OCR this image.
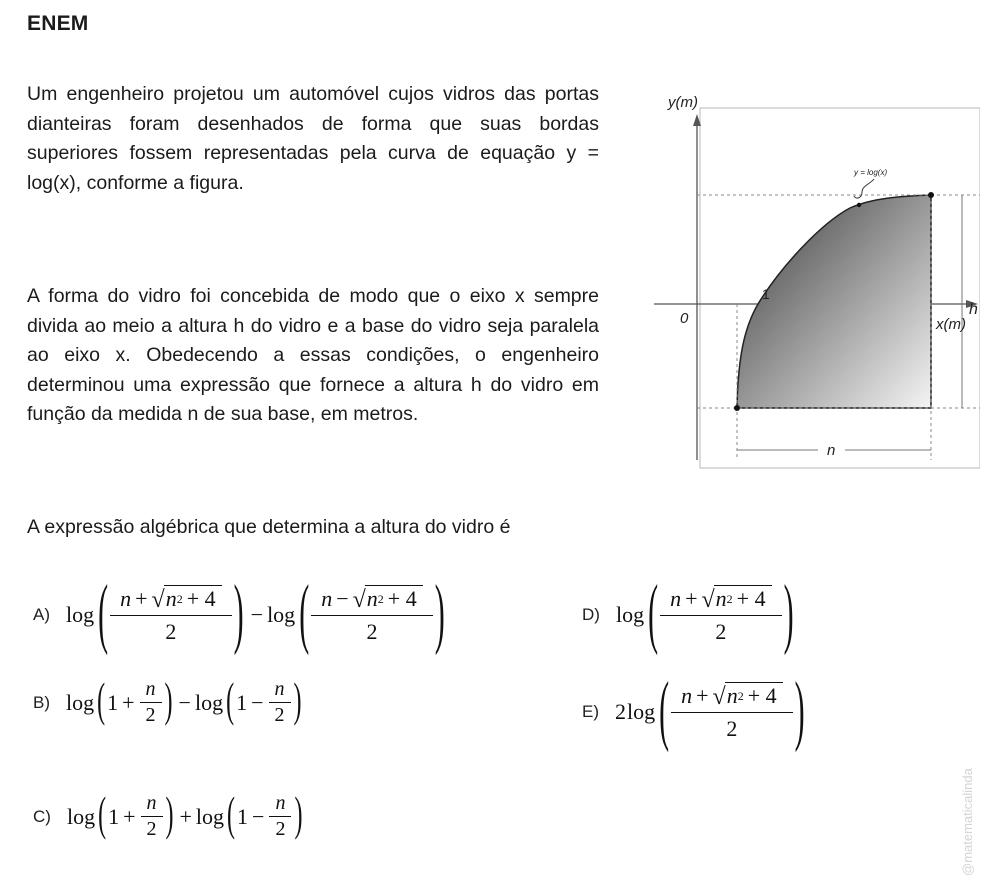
ENEM
Um engenheiro projetou um automóvel cujos vidros das portas dianteiras foram desenhados de forma que suas bordas superiores fossem representadas pela curva de equação y = log(x), conforme a figura.
A forma do vidro foi concebida de modo que o eixo x sempre divida ao meio a altura h do vidro e a base do vidro seja paralela ao eixo x. Obedecendo a essas condições, o engenheiro determinou uma expressão que fornece a altura h do vidro em função da medida n de sua base, em metros.
A expressão algébrica que determina a altura do vidro é
y(m)
x(m)
0
1
y = log(x)
h
n
A) log ( n + √ n 2 + 4
2	) − log ( n − √ n 2 + 4
2	)
B) log ( $1 + \frac{n}{2}$ ) − log ( $1 - \frac{n}{2}$ )
C) log ( $1 + \frac{n}{2}$ ) + log ( $1 - \frac{n}{2}$ )
D) log ( n + √ n 2 + 4
2	)
E) 2 log ( n + √ n 2 + 4
2	)
@matematicalinda
